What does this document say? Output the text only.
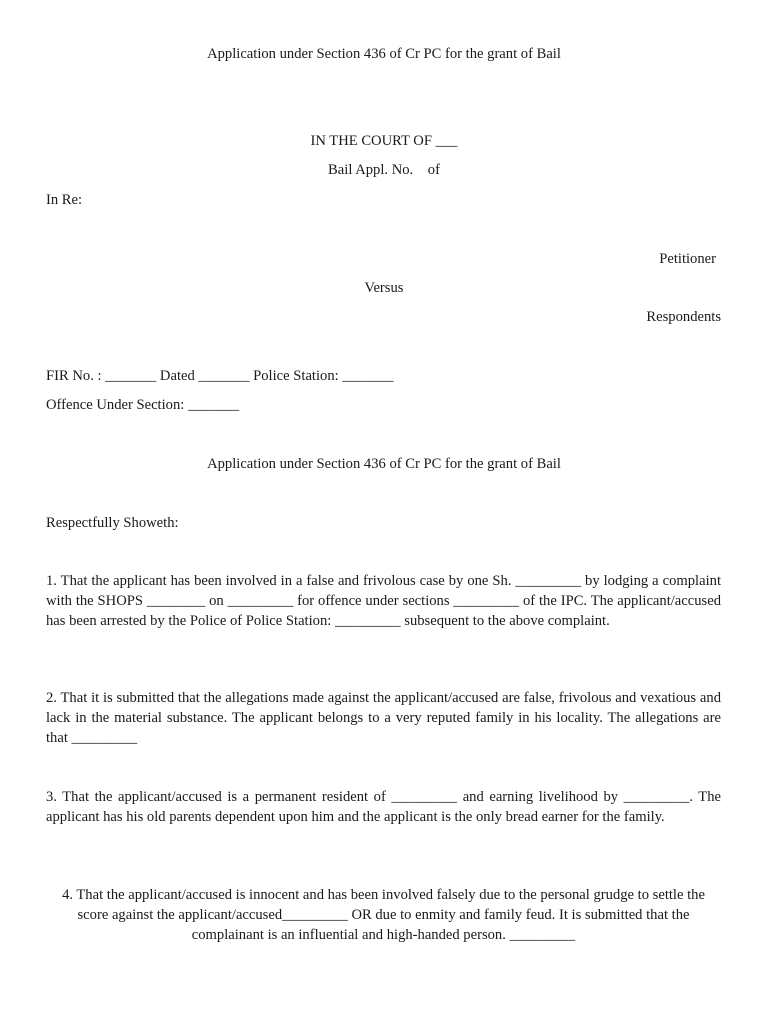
Application under Section 436 of Cr PC for the grant of Bail
IN THE COURT OF ___
Bail Appl. No.    of
In Re:
Petitioner
Versus
Respondents
FIR No. : _______ Dated _______ Police Station: _______
Offence Under Section: _______
Application under Section 436 of Cr PC for the grant of Bail
Respectfully Showeth:
1. That the applicant has been involved in a false and frivolous case by one Sh. _________ by lodging a complaint with the SHOPS ________ on _________ for offence under sections _________ of the IPC. The applicant/accused has been arrested by the Police of Police Station: _________ subsequent to the above complaint.
2. That it is submitted that the allegations made against the applicant/accused are false, frivolous and vexatious and lack in the material substance. The applicant belongs to a very reputed family in his locality. The allegations are that _________
3. That the applicant/accused is a permanent resident of _________ and earning livelihood by _________. The applicant has his old parents dependent upon him and the applicant is the only bread earner for the family.
4. That the applicant/accused is innocent and has been involved falsely due to the personal grudge to settle the score against the applicant/accused_________ OR due to enmity and family feud. It is submitted that the complainant is an influential and high-handed person. _________
